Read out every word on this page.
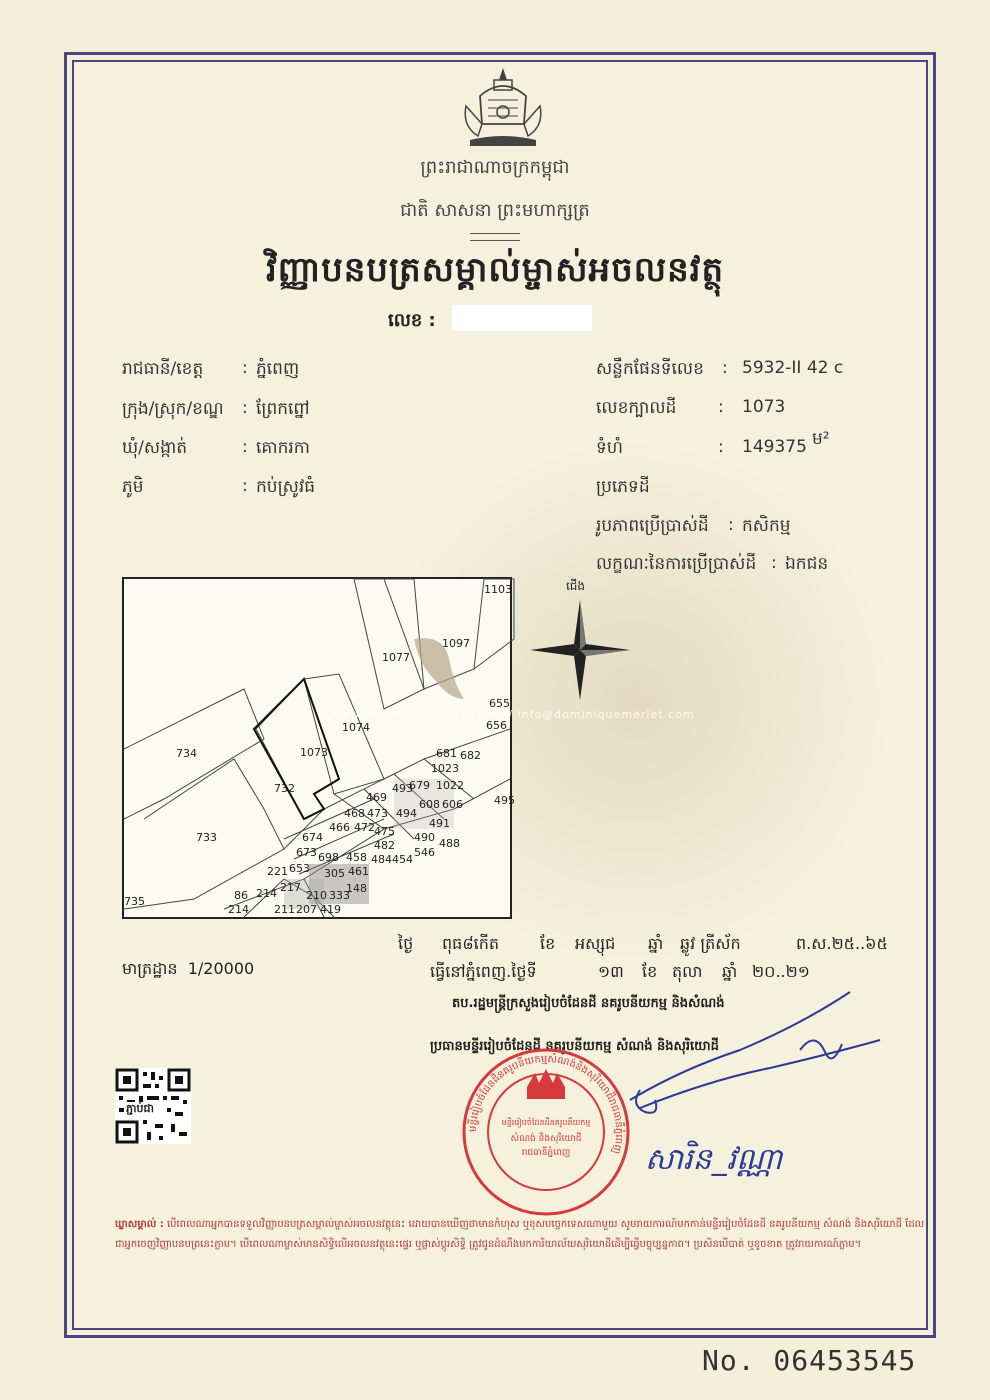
ព្រះរាជាណាចក្រកម្ពុជា
ជាតិ សាសនា ព្រះមហាក្សត្រ
វិញ្ញាបនបត្រសម្គាល់ម្ចាស់អចលនវត្ថុ
លេខ :
រាជធានី/ខេត្ត : ភ្នំពេញ
ក្រុង/ស្រុក/ខណ្ឌ : ព្រែកព្នៅ
ឃុំ/សង្កាត់	: គោករកា
ភូមិ	: កប់ស្រូវធំ
សន្លឹកផែនទីលេខ : 5932-II 42 c
លេខក្បាលដី : 1073
ទំហំ	: 149375 ម²
ប្រភេទដី
រូបភាពប្រើប្រាស់ដី : កសិកម្ម
លក្ខណៈនៃការប្រើប្រាស់ដី : ឯកជន
1103
1097
1077
655
656
1074
1073
734
732
681 682
1023
679 1022
493
469
468 473 494
608 606	495
466 472 475
491
490 488
674
673
482
546
733
698 458 484 454
221 653 305 461
86 214 217	148
210 333
735
214 211 207 419
www.dominiquemerlet.com / info@dominiquemerlet.com
ជើង
មាត្រដ្ឋាន 1/20000
ថ្ងៃ ពុធ៨កើត	ខែ អស្សុជ ឆ្នាំ ឆ្លូវ ត្រីស័ក	ព.ស.២៥..៦៥
ធ្វើនៅភ្នំពេញ.ថ្ងៃទី	១៣ ខែ តុលា ឆ្នាំ ២០..២១
តប.រដ្ឋមន្ត្រីក្រសួងរៀបចំដែនដី នគរូបនីយកម្ម និងសំណង់
ប្រធានមន្ទីររៀបចំដែនដី នគរូបនីយកម្ម សំណង់ និងសុរិយោដី
ភ្ជាប់ជា
មន្ទីររៀបចំដែនដីនគរូបនីយកម្មសំណង់និងសុរិយោដីរាជធានីភ្នំពេញ
មន្ទីររៀបចំដែនដីនគរូបនីយកម្ម
សំណង់ និងសុរិយោដី
រាជធានីភ្នំពេញ សារិន_វណ្ណា
ឃ្លាសម្គាល់ : បើពេលណាអ្នកបានទទួលវិញ្ញាបនបត្រសម្គាល់ម្ចាស់អចលនវត្ថុនេះ ដោយបានឃើញថាមានកំហុស ឬខុសបច្ចេកទេសណាមួយ សូមរាយការណ៍មកកាន់មន្ទីររៀបចំដែនដី នគរូបនីយកម្ម សំណង់ និងសុរិយោដី ដែលជាអ្នកចេញវិញ្ញាបនបត្រនេះភ្លាម។ បើពេលណាម្ចាស់មានសិទ្ធិលើអចលនវត្ថុនេះផ្ទេរ ឬផ្លាស់ប្តូរសិទ្ធិ ត្រូវជូនដំណឹងមកការិយាល័យសុរិយោដីដើម្បីធ្វើបច្ចុប្បន្នភាព។ ប្រសិនបើបាត់ ឬខូចខាត ត្រូវរាយការណ៍ភ្លាម។
No. 06453545
